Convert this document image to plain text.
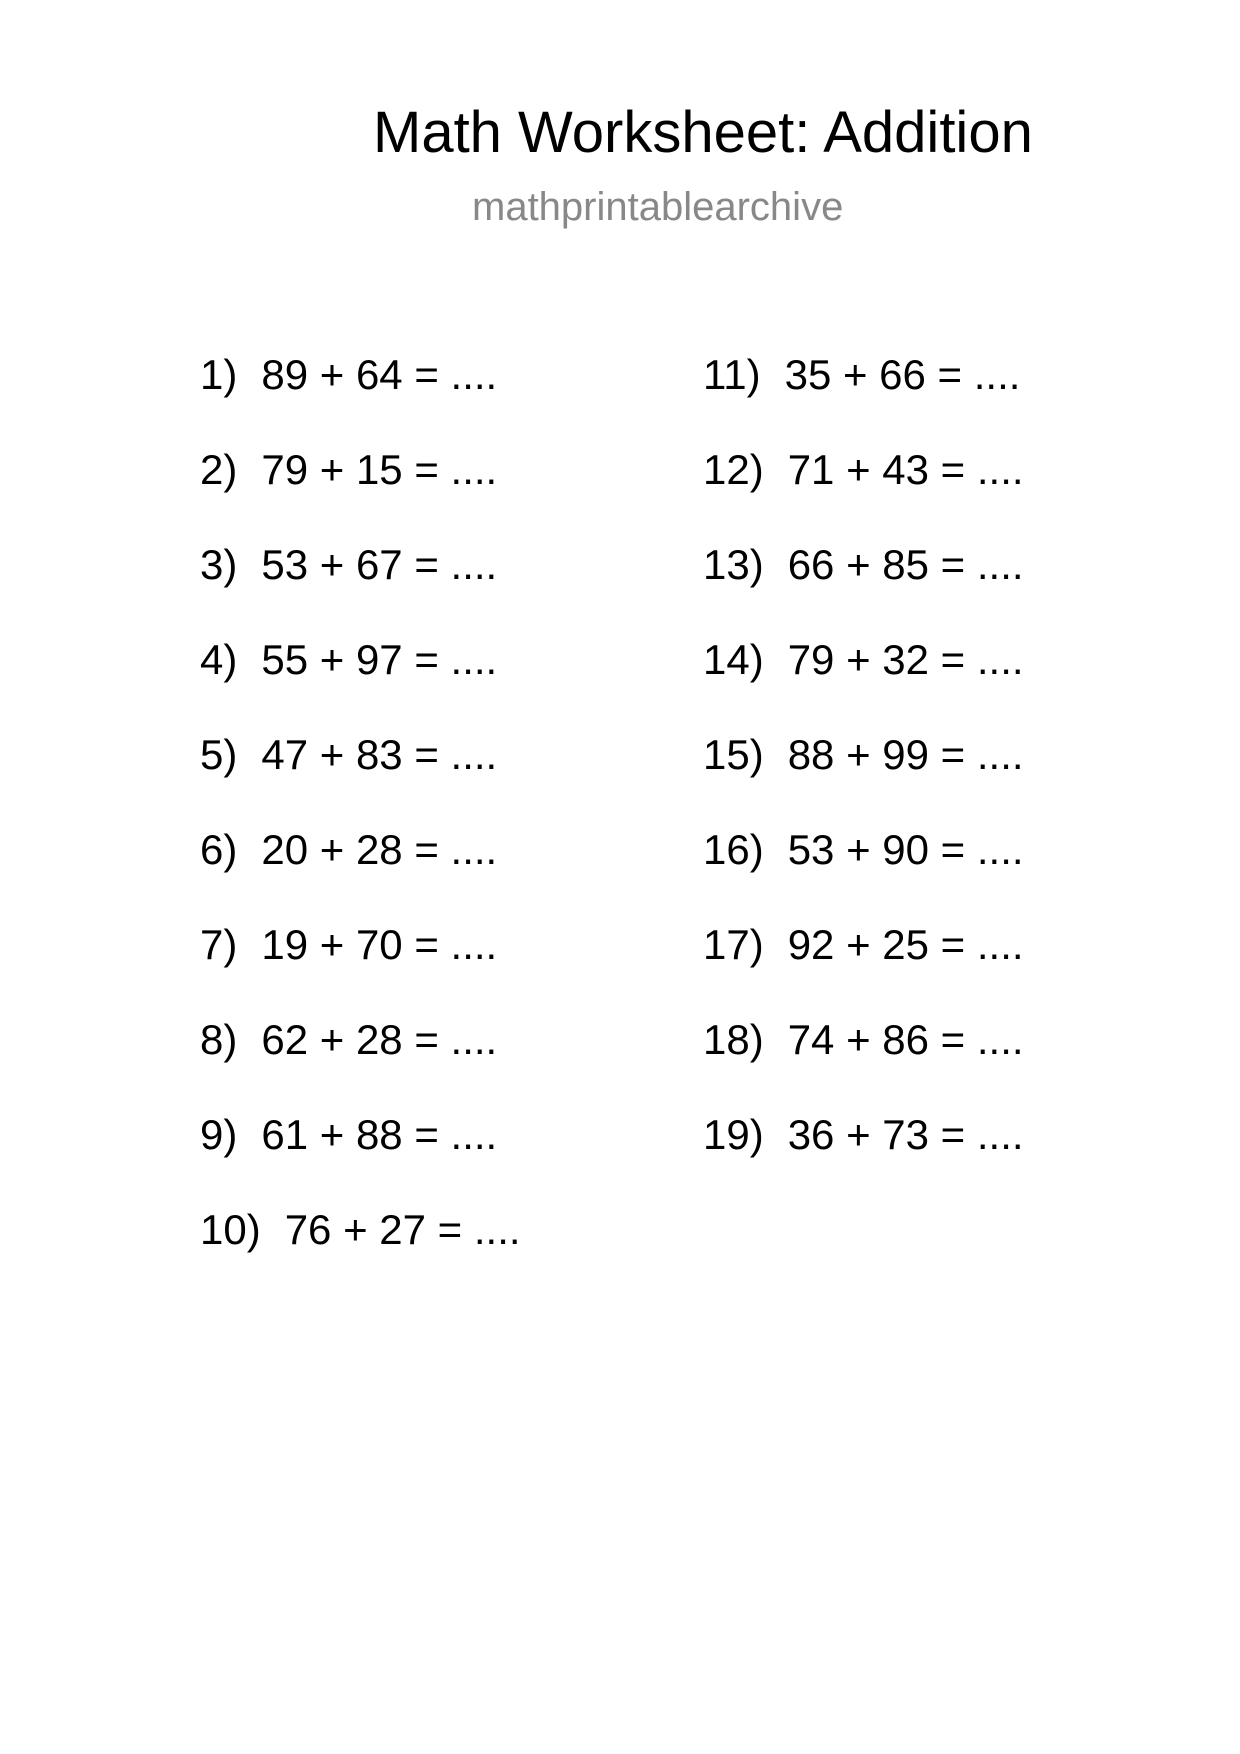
Math Worksheet: Addition
mathprintablearchive
1) 89 + 64 = ....
2) 79 + 15 = ....
3) 53 + 67 = ....
4) 55 + 97 = ....
5) 47 + 83 = ....
6) 20 + 28 = ....
7) 19 + 70 = ....
8) 62 + 28 = ....
9) 61 + 88 = ....
10) 76 + 27 = ....
11) 35 + 66 = ....
12) 71 + 43 = ....
13) 66 + 85 = ....
14) 79 + 32 = ....
15) 88 + 99 = ....
16) 53 + 90 = ....
17) 92 + 25 = ....
18) 74 + 86 = ....
19) 36 + 73 = ....
